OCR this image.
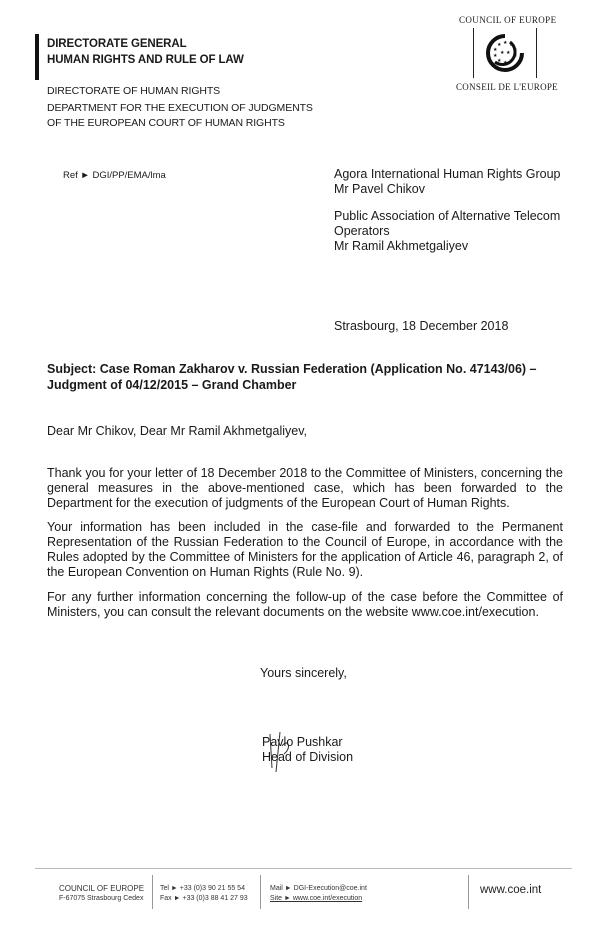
DIRECTORATE GENERAL
HUMAN RIGHTS AND RULE OF LAW
DIRECTORATE OF HUMAN RIGHTS
DEPARTMENT FOR THE EXECUTION OF JUDGMENTS
OF THE EUROPEAN COURT OF HUMAN RIGHTS
COUNCIL OF EUROPE
★ ★
★
★
★
★
★
★
★
★
★ ★
CONSEIL DE L'EUROPE
Ref ► DGI/PP/EMA/lma	Agora International Human Rights Group
Mr Pavel Chikov
Public Association of Alternative Telecom
Operators
Mr Ramil Akhmetgaliyev
Strasbourg, 18 December 2018
Subject: Case Roman Zakharov v. Russian Federation (Application No. 47143/06) –
Judgment of 04/12/2015 – Grand Chamber
Dear Mr Chikov, Dear Mr Ramil Akhmetgaliyev,
Thank you for your letter of 18 December 2018 to the Committee of Ministers, concerning the general measures in the above-mentioned case, which has been forwarded to the Department for the execution of judgments of the European Court of Human Rights.
Your information has been included in the case-file and forwarded to the Permanent Representation of the Russian Federation to the Council of Europe, in accordance with the Rules adopted by the Committee of Ministers for the application of Article 46, paragraph 2, of the European Convention on Human Rights (Rule No. 9).
For any further information concerning the follow-up of the case before the Committee of Ministers, you can consult the relevant documents on the website www.coe.int/execution.
Yours sincerely,
Pavlo Pushkar
Head of Division
COUNCIL OF EUROPE
F-67075 Strasbourg Cedex
Tel ► +33 (0)3 90 21 55 54
Fax ► +33 (0)3 88 41 27 93
Mail ► DGI-Execution@coe.int
Site ► www.coe.int/execution
www.coe.int
